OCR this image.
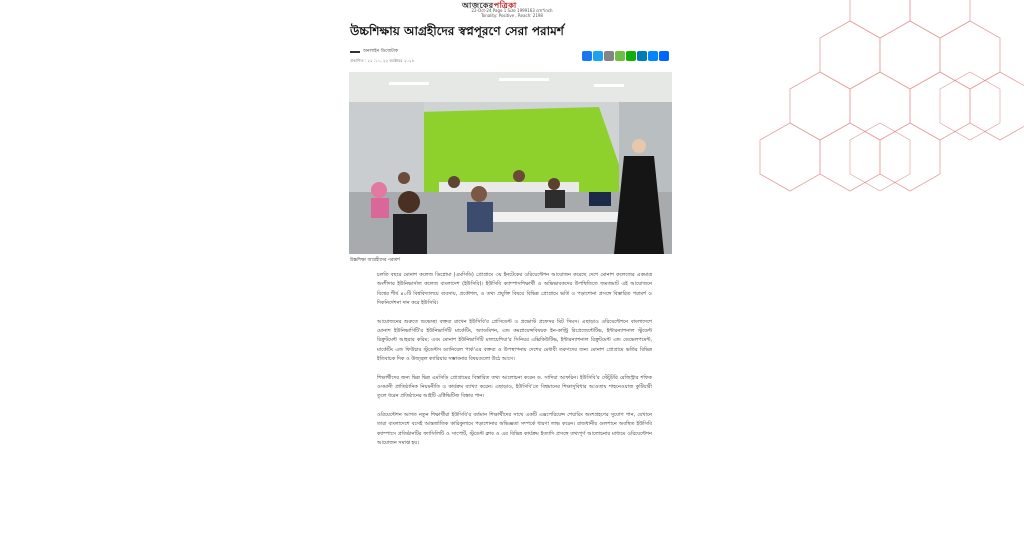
আজকেরপত্রিকা
22-Oct-24 Page 1 Size 1999163 cm*inch
Tonality: Positive , Reach: 2198
উচ্চশিক্ষায় আগ্রহীদের স্বপ্নপূরণে সেরা পরামর্শ
অনলাইন ডিজেটাক
প্রকাশিত : ২২ :১০, ২২ অক্টোবর ২০২৪
উচ্চশিক্ষা আগ্রহীদের পরামর্শ

চলতি বছরে মোনাশ কলেজ ডিপ্লোমা (এমসিডি) প্রোগ্রামে ৩য় ইনটেকের ওরিয়েন্টেশন আয়োজন করেছে দেশে মোনাশ কলেজের একমাত্র অংশীদার ইউনিভার্সাল কলেজ বাংলাদেশ (ইউসিবি)। ইউসিবি ক্যাম্পাসশিক্ষার্থী ও অভিভাবকদের উপস্থিতিতে জমজমাট এই আয়োজনে বিশ্বের শীর্ষ ৪০টি বিশ্ববিদ্যালয়ে ব্যবসায়, প্রকৌশল, ও তথ্য প্রযুক্তি বিষয়ে বিভিন্ন প্রোগ্রামে ভর্তি ও পড়াশোনা প্রসঙ্গে বিস্তারিত পরামর্শ ও দিকনির্দেশনা দান করে ইউসিবি।

আয়োজনের শুরুতে শুভেচ্ছা বক্তব্য রাখেন ইউসিবি'র প্রেসিডেন্ট ও প্রভোস্ট প্রফেসর মিট সিমস। এছাড়াও ওরিয়েন্টেশনে বাংলাদেশে মোনাশ ইউনিভার্সিটি'র ইউনিভার্সিটি মার্কেটিং, অ্যাডমিশন, এন্ড কমপ্লায়েন্সবিষয়ক ইন-কান্ট্রি রিপ্রেজেন্টেটিভ, ইন্টারন্যাশনাল স্টুডেন্ট রিক্রুটমেন্ট আহরার করিম; এবং মোনাশ ইউনিভার্সিটি মালয়েশিয়া'র সিনিয়র এক্সিকিউটিভ, ইন্টারন্যাশনাল রিক্রুটমেন্ট এন্ড ডেভেলপমেন্ট, মার্কেটিং এন্ড ফিউচার স্টুডেন্টস ড্যানিয়েল পার্ক'এর বক্তব্য ও উপস্থাপনায় দেশের মেধাবী তরুণদের জন্য মোনাশ প্রোগ্রামে ভর্তির বিভিন্ন ইতিবাচক দিক ও উজ্জ্বল ক্যারিয়ার সম্ভাবনার বিষয়গুলো উঠে আসে।

শিক্ষার্থীদের জন্য ভিন্ন ভিন্ন এমসিডি প্রোগ্রামের বিস্তারিত তথ্য আলোচনা করেন ড. সাদিয়া আফরিন। ইউসিবি'র স্টেটুটরি রেজিস্ট্রার শফিক ওসমানী প্রাতিষ্ঠানিক নিয়মনীতি ও কার্যক্রম ব্যাখ্যা করেন। এছাড়াও, ইউসিবি'তে বিশ্বমানের শিক্ষাসুবিধার আওতায় শাহনেওয়াজ কুটিয়ারী তুলে ধরেন প্রতিষ্ঠানের আইটি এক্টিভিটিজ বিস্তার পান।

ওরিয়েন্টেশন আগত নতুন শিক্ষার্থীরা ইউসিবি'র বর্তমান শিক্ষার্থীদের সাথে একটি এক্সপেরিয়েন্স শেয়ারিং অংশগ্রহণের সুযোগ পান, যেখানে তারা বাংলাদেশে বসেই আন্তর্জাতিক কারিকুলামে পড়াশোনার অভিজ্ঞতা সম্পর্কে ধারণা লাভ করেন। রাজধানীর গুলশানে অবস্থিত ইউসিবি ক্যাম্পাসে প্রতিষ্ঠানটির ফ্যাসিলিটি ও সাপোর্ট, স্টুডেন্ট ক্লাব ও এর বিভিন্ন কার্যক্রম ইত্যাদি প্রসঙ্গে তথ্যপূর্ণ আলোচনার মাধ্যমে ওরিয়েন্টেশন আয়োজন সমাপ্ত হয়।
